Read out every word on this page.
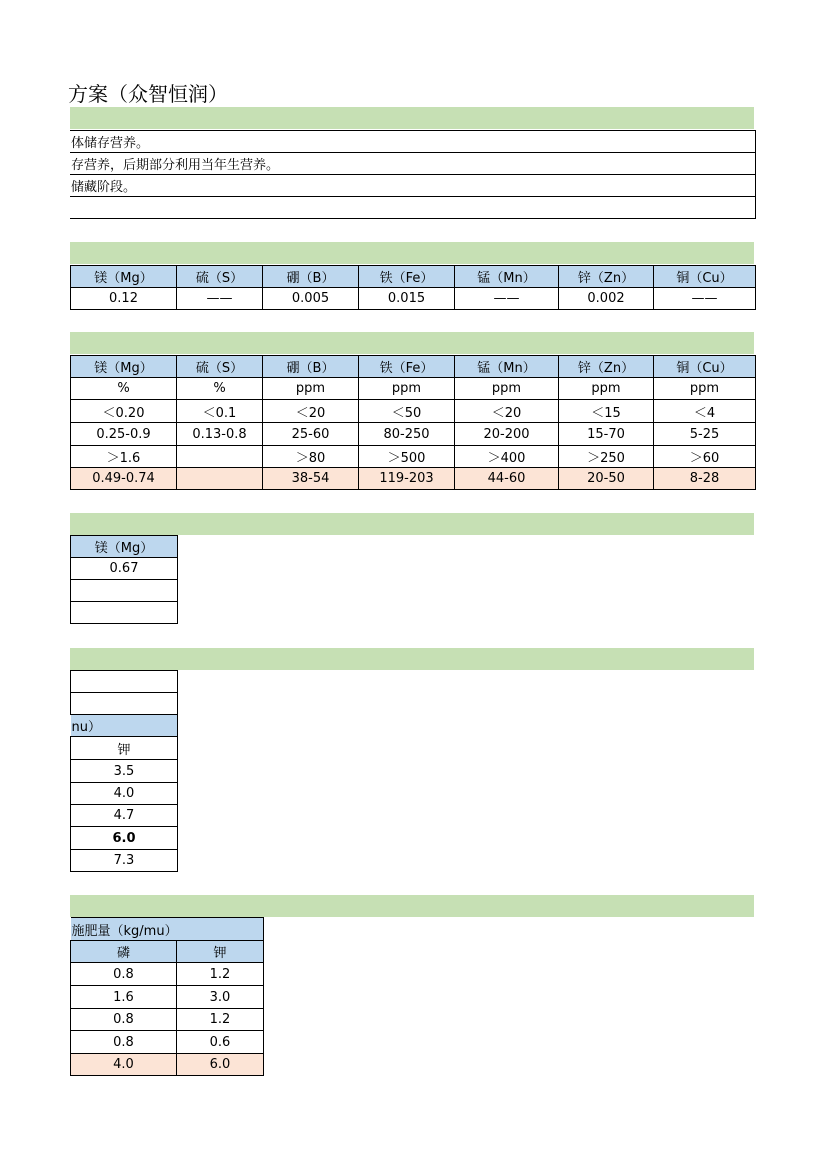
方案（众智恒润）
体储存营养。
存营养，后期部分利用当年生营养。
储藏阶段。

镁（Mg）	硫（S）	硼（B）	铁（Fe）	锰（Mn）	锌（Zn）	铜（Cu）
0.12	——	0.005	0.015	——	0.002	——
镁（Mg）	硫（S）	硼（B）	铁（Fe）	锰（Mn）	锌（Zn）	铜（Cu）
%	%	ppm	ppm	ppm	ppm	ppm
＜0.20	＜0.1	＜20	＜50	＜20	＜15	＜4
0.25-0.9	0.13-0.8	25-60	80-250	20-200	15-70	5-25
＞1.6		＞80	＞500	＞400	＞250	＞60
0.49-0.74		38-54	119-203	44-60	20-50	8-28
镁（Mg）
0.67

nu）
钾
3.5
4.0
4.7
6.0
7.3
施肥量（kg/mu）	
磷	钾
0.8	1.2
1.6	3.0
0.8	1.2
0.8	0.6
4.0	6.0
